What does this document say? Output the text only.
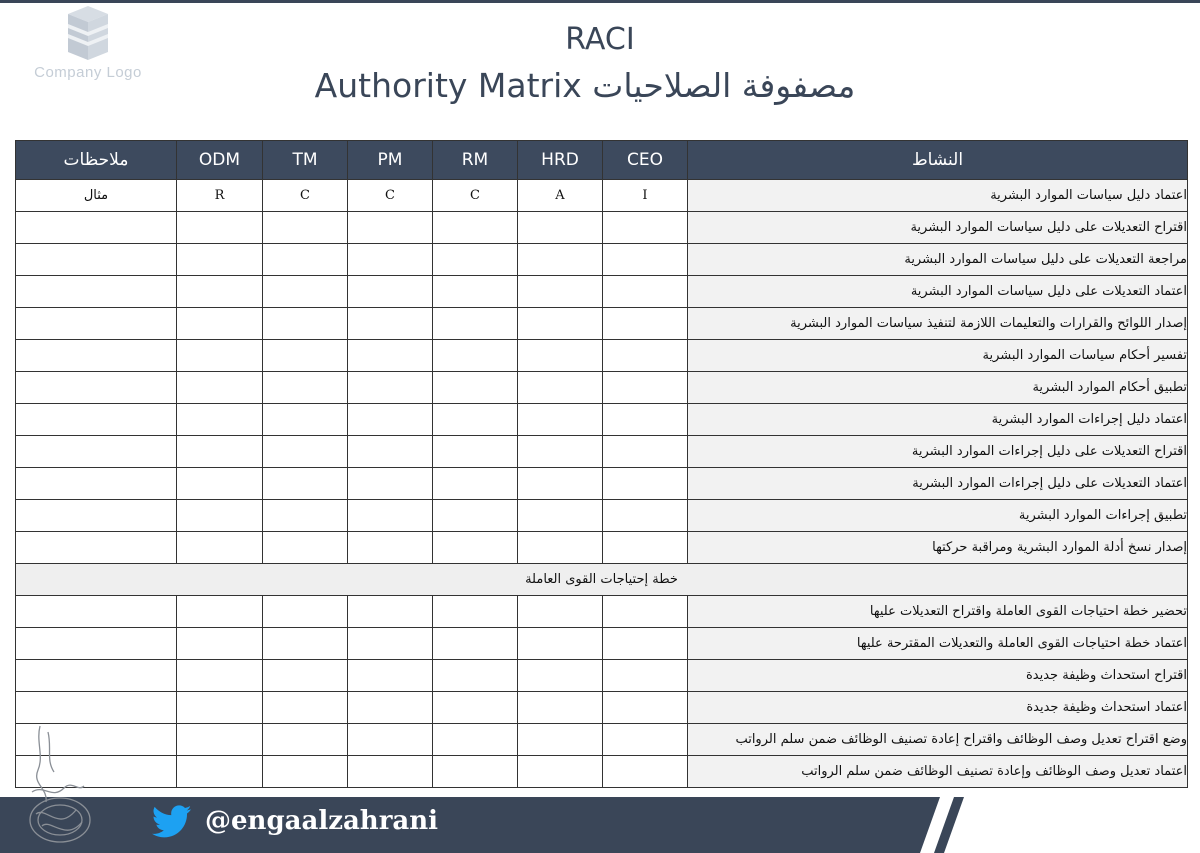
Company Logo
RACI
Authority Matrix مصفوفة الصلاحيات
النشاط	CEO	HRD	RM	PM	TM	ODM	ملاحظات
اعتماد دليل سياسات الموارد البشرية	I	A	C	C	C	R	مثال
اقتراح التعديلات على دليل سياسات الموارد البشرية							
مراجعة التعديلات على دليل سياسات الموارد البشرية							
اعتماد التعديلات على دليل سياسات الموارد البشرية							
إصدار اللوائح والقرارات والتعليمات اللازمة لتنفيذ سياسات الموارد البشرية							
تفسير أحكام سياسات الموارد البشرية							
تطبيق أحكام الموارد البشرية							
اعتماد دليل إجراءات الموارد البشرية							
اقتراح التعديلات على دليل إجراءات الموارد البشرية							
اعتماد التعديلات على دليل إجراءات الموارد البشرية							
تطبيق إجراءات الموارد البشرية							
إصدار نسخ أدلة الموارد البشرية ومراقبة حركتها							
خطة إحتياجات القوى العاملة							
تحضير خطة احتياجات القوى العاملة واقتراح التعديلات عليها							
اعتماد خطة احتياجات القوى العاملة والتعديلات المقترحة عليها							
اقتراح استحداث وظيفة جديدة							
اعتماد استحداث وظيفة جديدة							
وضع اقتراح تعديل وصف الوظائف واقتراح إعادة تصنيف الوظائف ضمن سلم الرواتب							
اعتماد تعديل وصف الوظائف وإعادة تصنيف الوظائف ضمن سلم الرواتب							
@engaalzahrani
